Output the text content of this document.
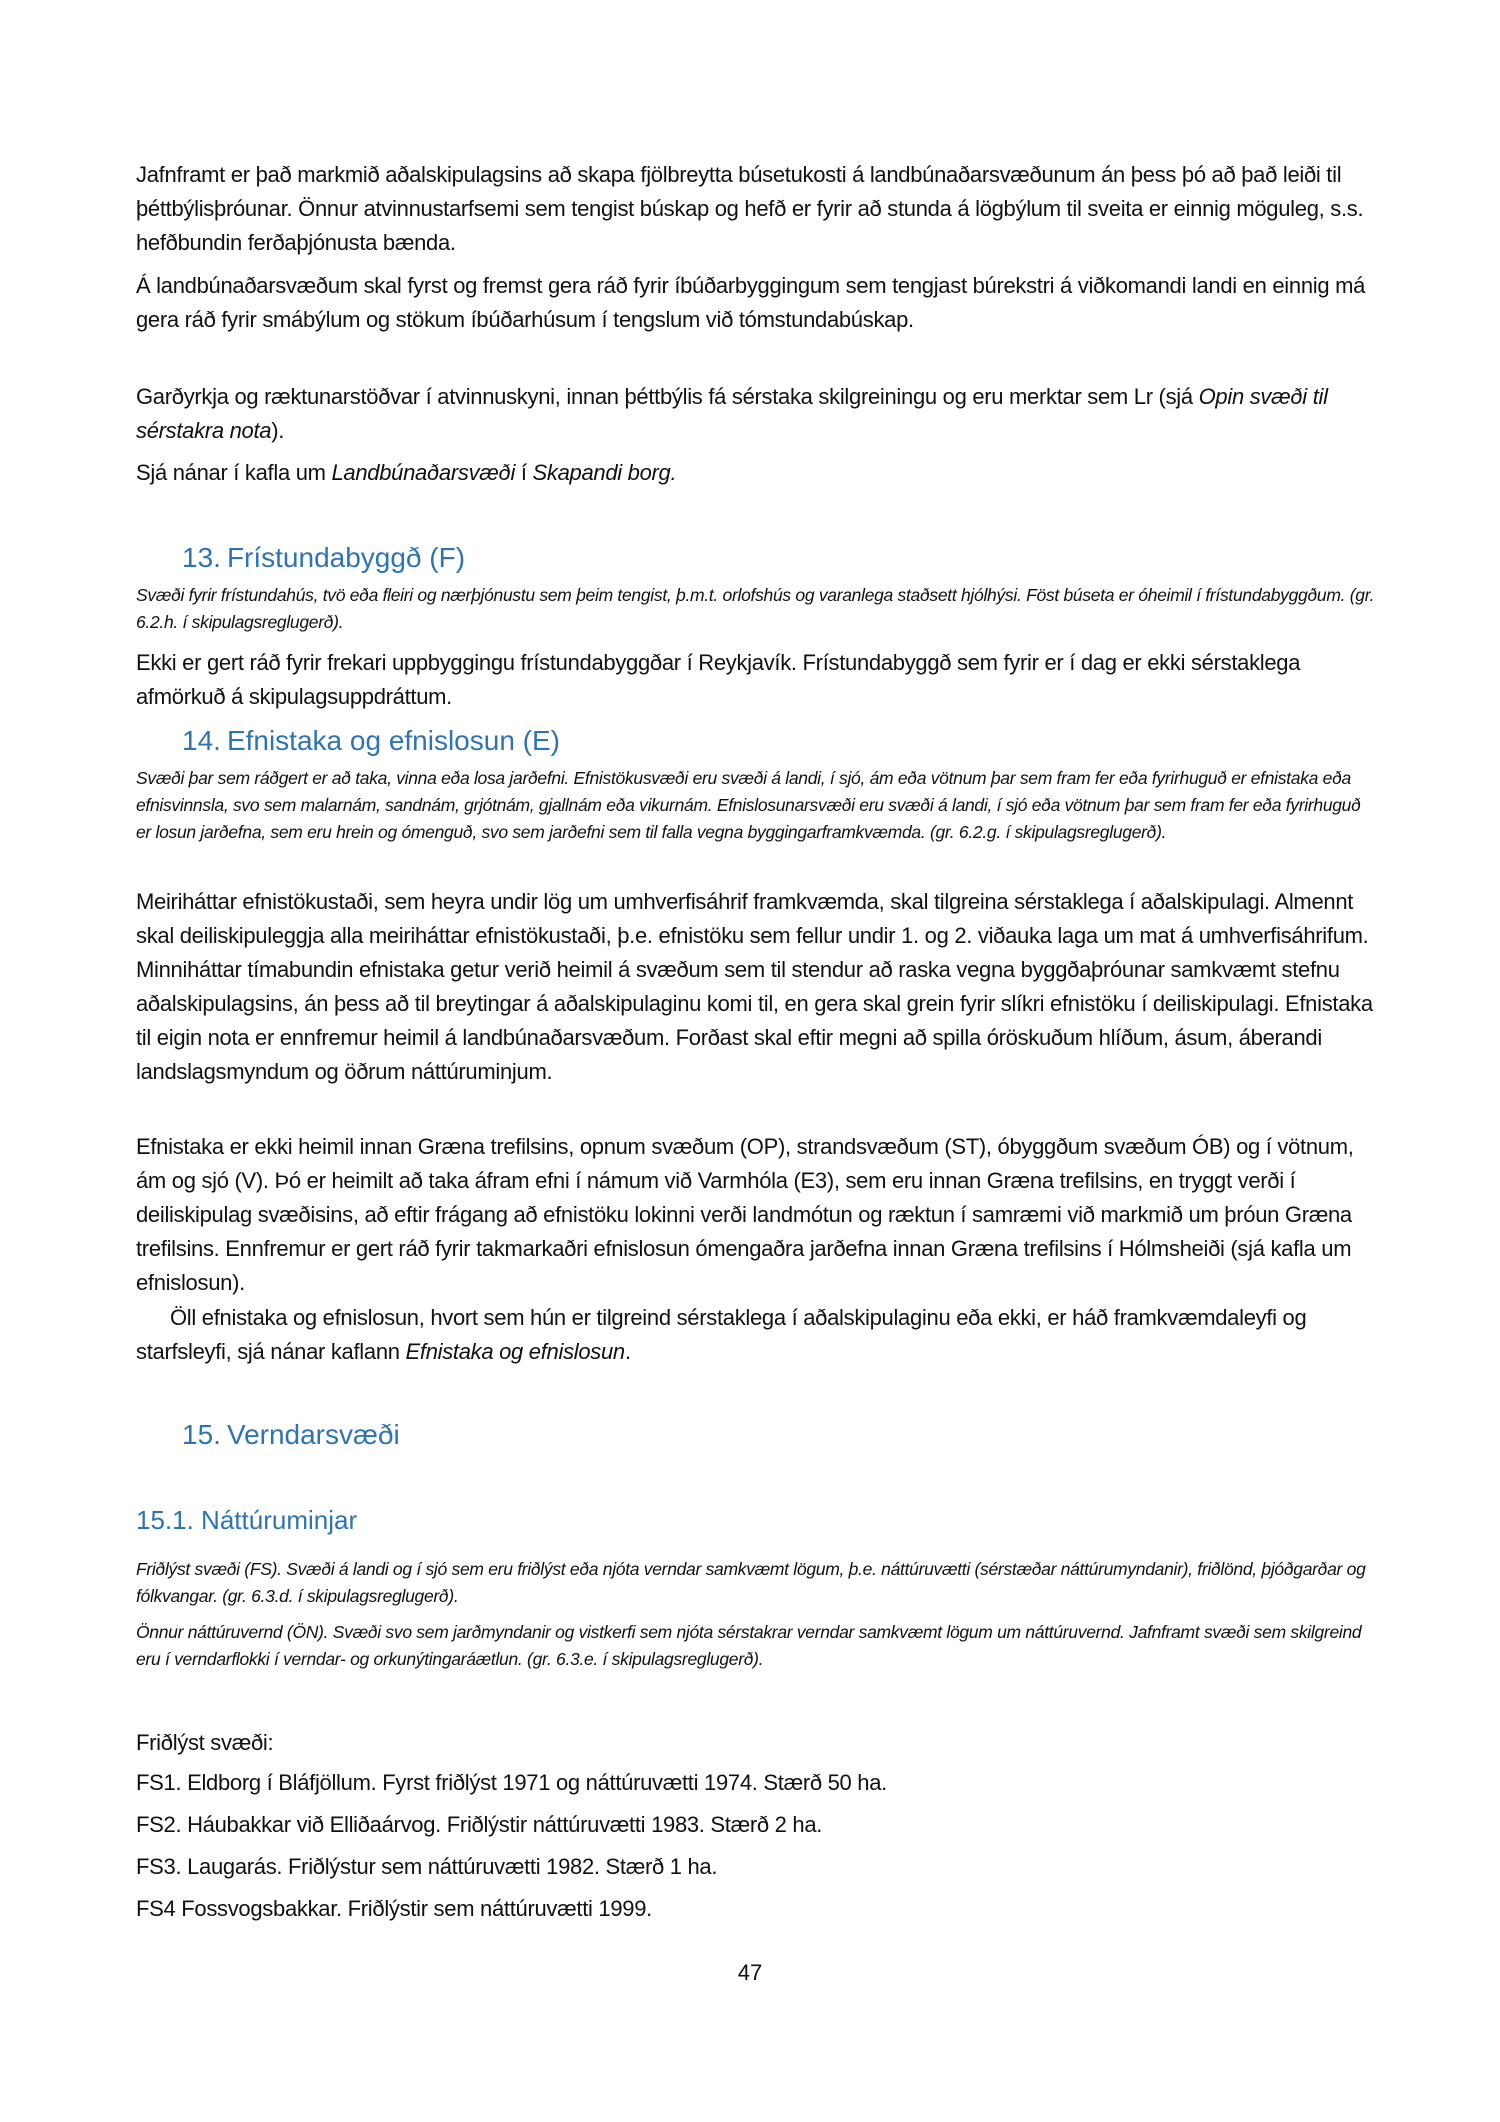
Jafnframt er það markmið aðalskipulagsins að skapa fjölbreytta búsetukosti á landbúnaðarsvæðunum án þess þó að það leiði til þéttbýlisþróunar. Önnur atvinnustarfsemi sem tengist búskap og hefð er fyrir að stunda á lögbýlum til sveita er einnig möguleg, s.s. hefðbundin ferðaþjónusta bænda.

Á landbúnaðarsvæðum skal fyrst og fremst gera ráð fyrir íbúðarbyggingum sem tengjast búrekstri á viðkomandi landi en einnig má gera ráð fyrir smábýlum og stökum íbúðarhúsum í tengslum við tómstundabúskap.

Garðyrkja og ræktunarstöðvar í atvinnuskyni, innan þéttbýlis fá sérstaka skilgreiningu og eru merktar sem Lr (sjá Opin svæði til sérstakra nota).

Sjá nánar í kafla um Landbúnaðarsvæði í Skapandi borg.

13. Frístundabyggð (F)

Svæði fyrir frístundahús, tvö eða fleiri og nærþjónustu sem þeim tengist, þ.m.t. orlofshús og varanlega staðsett hjólhýsi. Föst búseta er óheimil í frístundabyggðum. (gr. 6.2.h. í skipulagsreglugerð).

Ekki er gert ráð fyrir frekari uppbyggingu frístundabyggðar í Reykjavík. Frístundabyggð sem fyrir er í dag er ekki sérstaklega afmörkuð á skipulagsuppdráttum.

14. Efnistaka og efnislosun (E)

Svæði þar sem ráðgert er að taka, vinna eða losa jarðefni. Efnistökusvæði eru svæði á landi, í sjó, ám eða vötnum þar sem fram fer eða fyrirhuguð er efnistaka eða efnisvinnsla, svo sem malarnám, sandnám, grjótnám, gjallnám eða vikurnám. Efnislosunarsvæði eru svæði á landi, í sjó eða vötnum þar sem fram fer eða fyrirhuguð er losun jarðefna, sem eru hrein og ómenguð, svo sem jarðefni sem til falla vegna byggingarframkvæmda. (gr. 6.2.g. í skipulagsreglugerð).

Meiriháttar efnistökustaði, sem heyra undir lög um umhverfisáhrif framkvæmda, skal tilgreina sérstaklega í aðalskipulagi. Almennt skal deiliskipuleggja alla meiriháttar efnistökustaði, þ.e. efnistöku sem fellur undir 1. og 2. viðauka laga um mat á umhverfisáhrifum. Minniháttar tímabundin efnistaka getur verið heimil á svæðum sem til stendur að raska vegna byggðaþróunar samkvæmt stefnu aðalskipulagsins, án þess að til breytingar á aðalskipulaginu komi til, en gera skal grein fyrir slíkri efnistöku í deiliskipulagi. Efnistaka til eigin nota er ennfremur heimil á landbúnaðarsvæðum. Forðast skal eftir megni að spilla óröskuðum hlíðum, ásum, áberandi landslagsmyndum og öðrum náttúruminjum.

Efnistaka er ekki heimil innan Græna trefilsins, opnum svæðum (OP), strandsvæðum (ST), óbyggðum svæðum ÓB) og í vötnum, ám og sjó (V). Þó er heimilt að taka áfram efni í námum við Varmhóla (E3), sem eru innan Græna trefilsins, en tryggt verði í deiliskipulag svæðisins, að eftir frágang að efnistöku lokinni verði landmótun og ræktun í samræmi við markmið um þróun Græna trefilsins. Ennfremur er gert ráð fyrir takmarkaðri efnislosun ómengaðra jarðefna innan Græna trefilsins í Hólmsheiði (sjá kafla um efnislosun).

Öll efnistaka og efnislosun, hvort sem hún er tilgreind sérstaklega í aðalskipulaginu eða ekki, er háð framkvæmdaleyfi og starfsleyfi, sjá nánar kaflann Efnistaka og efnislosun.

15. Verndarsvæði
15.1. Náttúruminjar

Friðlýst svæði (FS). Svæði á landi og í sjó sem eru friðlýst eða njóta verndar samkvæmt lögum, þ.e. náttúruvætti (sérstæðar náttúrumyndanir), friðlönd, þjóðgarðar og fólkvangar. (gr. 6.3.d. í skipulagsreglugerð).

Önnur náttúruvernd (ÖN). Svæði svo sem jarðmyndanir og vistkerfi sem njóta sérstakrar verndar samkvæmt lögum um náttúruvernd. Jafnframt svæði sem skilgreind eru í verndarflokki í verndar- og orkunýtingaráætlun. (gr. 6.3.e. í skipulagsreglugerð).

Friðlýst svæði:

FS1. Eldborg í Bláfjöllum. Fyrst friðlýst 1971 og náttúruvætti 1974. Stærð 50 ha.
FS2. Háubakkar við Elliðaárvog. Friðlýstir náttúruvætti 1983. Stærð 2 ha.
FS3. Laugarás. Friðlýstur sem náttúruvætti 1982. Stærð 1 ha.
FS4 Fossvogsbakkar. Friðlýstir sem náttúruvætti 1999.
47
